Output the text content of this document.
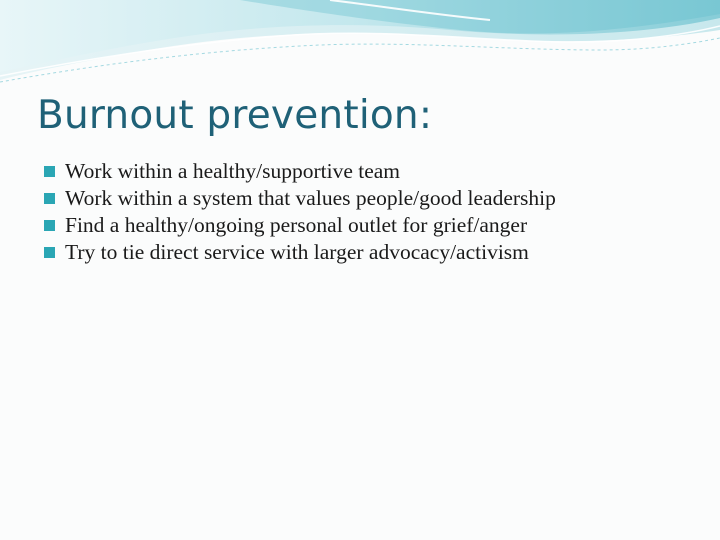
Burnout prevention:
Work within a healthy/supportive team
Work within a system that values people/good leadership
Find a healthy/ongoing personal outlet for grief/anger
Try to tie direct service with larger advocacy/activism
